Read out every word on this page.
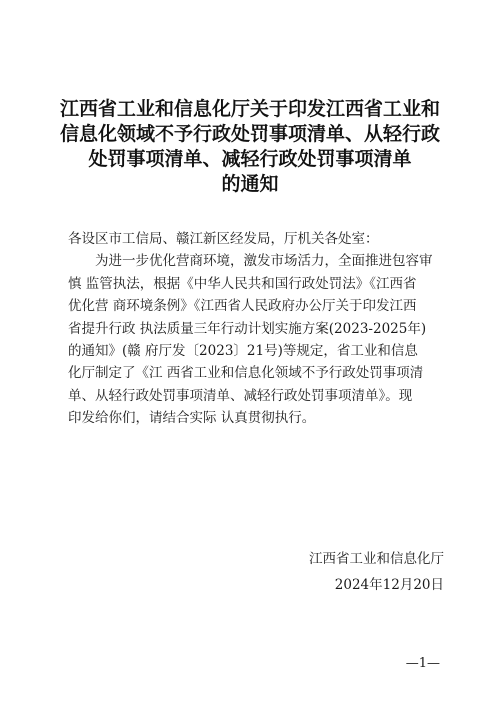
江西省工业和信息化厅关于印发江西省工业和
信息化领域不予行政处罚事项清单、从轻行政
处罚事项清单、减轻行政处罚事项清单
的通知
各设区市工信局、赣江新区经发局，厅机关各处室：
为进一步优化营商环境，激发市场活力，全面推进包容审
慎 监管执法，根据《中华人民共和国行政处罚法》《江西省
优化营 商环境条例》《江西省人民政府办公厅关于印发江西
省提升行政 执法质量三年行动计划实施方案(2023-2025年)
的通知》(赣 府厅发〔2023〕21号)等规定，省工业和信息
化厅制定了《江 西省工业和信息化领域不予行政处罚事项清
单、从轻行政处罚事项清单、减轻行政处罚事项清单》。现
印发给你们，请结合实际 认真贯彻执行。
江西省工业和信息化厅
2024年12月20日
—1—
